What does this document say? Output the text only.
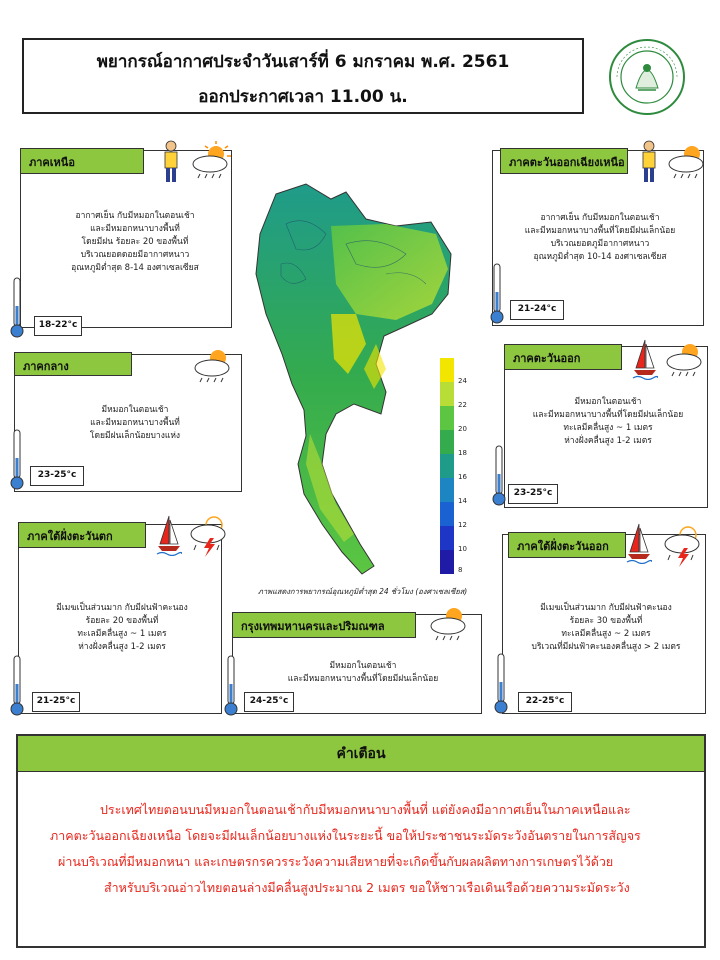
พยากรณ์อากาศประจำวันเสาร์ที่ 6 มกราคม พ.ศ. 2561
ออกประกาศเวลา 11.00 น.
ภาคเหนือ
อากาศเย็น กับมีหมอกในตอนเช้า
และมีหมอกหนาบางพื้นที่
โดยมีฝน ร้อยละ 20 ของพื้นที่
บริเวณยอดดอยมีอากาศหนาว
อุณหภูมิต่ำสุด 8-14 องศาเซลเซียส
18-22°c
ภาคตะวันออกเฉียงเหนือ
อากาศเย็น กับมีหมอกในตอนเช้า
และมีหมอกหนาบางพื้นที่โดยมีฝนเล็กน้อย
บริเวณยอดภูมีอากาศหนาว
อุณหภูมิต่ำสุด 10-14 องศาเซลเซียส
21-24°c
ภาคกลาง
มีหมอกในตอนเช้า
และมีหมอกหนาบางพื้นที่
โดยมีฝนเล็กน้อยบางแห่ง
23-25°c
ภาคตะวันออก
มีหมอกในตอนเช้า
และมีหมอกหนาบางพื้นที่โดยมีฝนเล็กน้อย
ทะเลมีคลื่นสูง ~ 1 เมตร
ห่างฝั่งคลื่นสูง 1-2 เมตร
23-25°c
ภาคใต้ฝั่งตะวันตก
มีเมฆเป็นส่วนมาก กับมีฝนฟ้าคะนอง
ร้อยละ 20 ของพื้นที่
ทะเลมีคลื่นสูง ~ 1 เมตร
ห่างฝั่งคลื่นสูง 1-2 เมตร
21-25°c
ภาคใต้ฝั่งตะวันออก
มีเมฆเป็นส่วนมาก กับมีฝนฟ้าคะนอง
ร้อยละ 30 ของพื้นที่
ทะเลมีคลื่นสูง ~ 2 เมตร
บริเวณที่มีฝนฟ้าคะนองคลื่นสูง > 2 เมตร
22-25°c
กรุงเทพมหานครและปริมณฑล
มีหมอกในตอนเช้า
และมีหมอกหนาบางพื้นที่โดยมีฝนเล็กน้อย
24-25°c
24
22
20
18
16
14
12
10
8
ภาพแสดงการพยากรณ์อุณหภูมิต่ำสุด 24 ชั่วโมง (องศาเซลเซียส)
คำเตือน
ประเทศไทยตอนบนมีหมอกในตอนเช้ากับมีหมอกหนาบางพื้นที่ แต่ยังคงมีอากาศเย็นในภาคเหนือและ
ภาคตะวันออกเฉียงเหนือ โดยจะมีฝนเล็กน้อยบางแห่งในระยะนี้ ขอให้ประชาชนระมัดระวังอันตรายในการสัญจร
ผ่านบริเวณที่มีหมอกหนา และเกษตรกรควรระวังความเสียหายที่จะเกิดขึ้นกับผลผลิตทางการเกษตรไว้ด้วย
สำหรับบริเวณอ่าวไทยตอนล่างมีคลื่นสูงประมาณ 2 เมตร ขอให้ชาวเรือเดินเรือด้วยความระมัดระวัง
